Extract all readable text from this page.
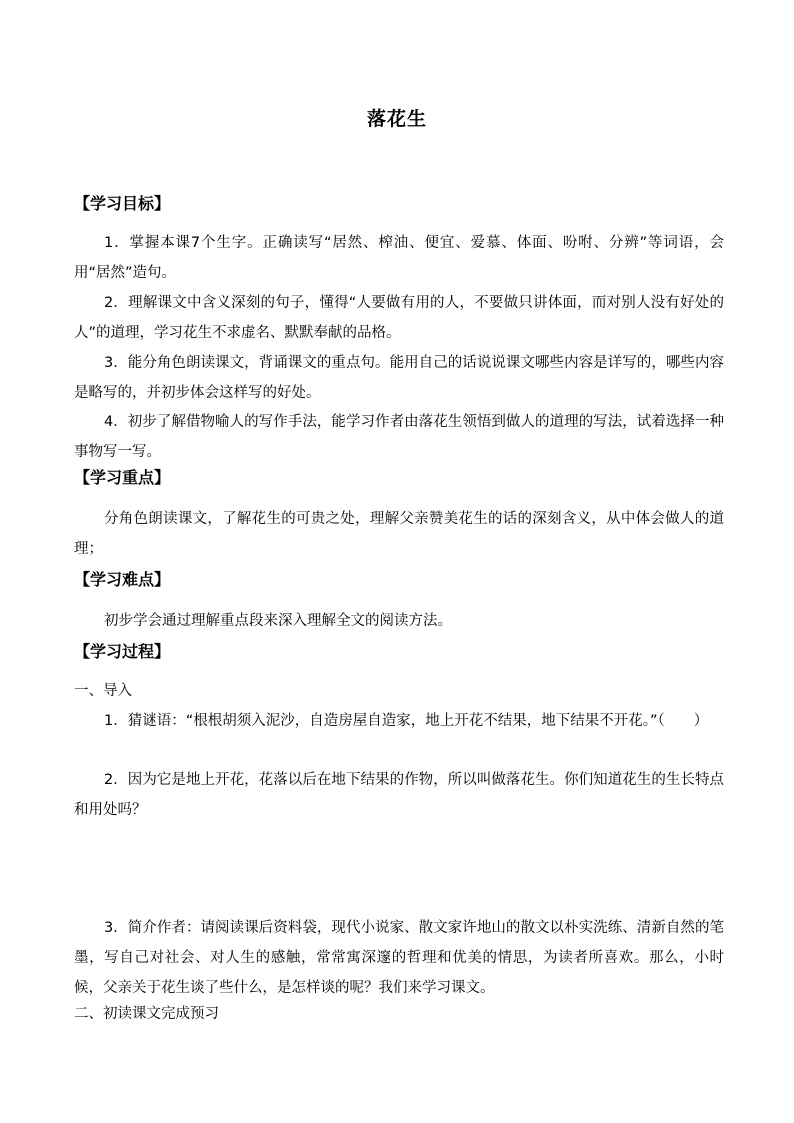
落花生
【学习目标】
1．掌握本课7个生字。正确读写“居然、榨油、便宜、爱慕、体面、吩咐、分辨”等词语，会用“居然”造句。
2．理解课文中含义深刻的句子，懂得“人要做有用的人，不要做只讲体面，而对别人没有好处的人”的道理，学习花生不求虚名、默默奉献的品格。
3．能分角色朗读课文，背诵课文的重点句。能用自己的话说说课文哪些内容是详写的，哪些内容是略写的，并初步体会这样写的好处。
4．初步了解借物喻人的写作手法，能学习作者由落花生领悟到做人的道理的写法，试着选择一种事物写一写。
【学习重点】
分角色朗读课文，了解花生的可贵之处，理解父亲赞美花生的话的深刻含义，从中体会做人的道理；
【学习难点】
初步学会通过理解重点段来深入理解全文的阅读方法。
【学习过程】
一、导入
1．猜谜语：“根根胡须入泥沙，自造房屋自造家，地上开花不结果，地下结果不开花。”（　　）
2．因为它是地上开花，花落以后在地下结果的作物，所以叫做落花生。你们知道花生的生长特点和用处吗？
3．简介作者：请阅读课后资料袋，现代小说家、散文家许地山的散文以朴实洗练、清新自然的笔墨，写自己对社会、对人生的感触，常常寓深邃的哲理和优美的情思，为读者所喜欢。那么，小时候，父亲关于花生谈了些什么，是怎样谈的呢？我们来学习课文。
二、初读课文完成预习
